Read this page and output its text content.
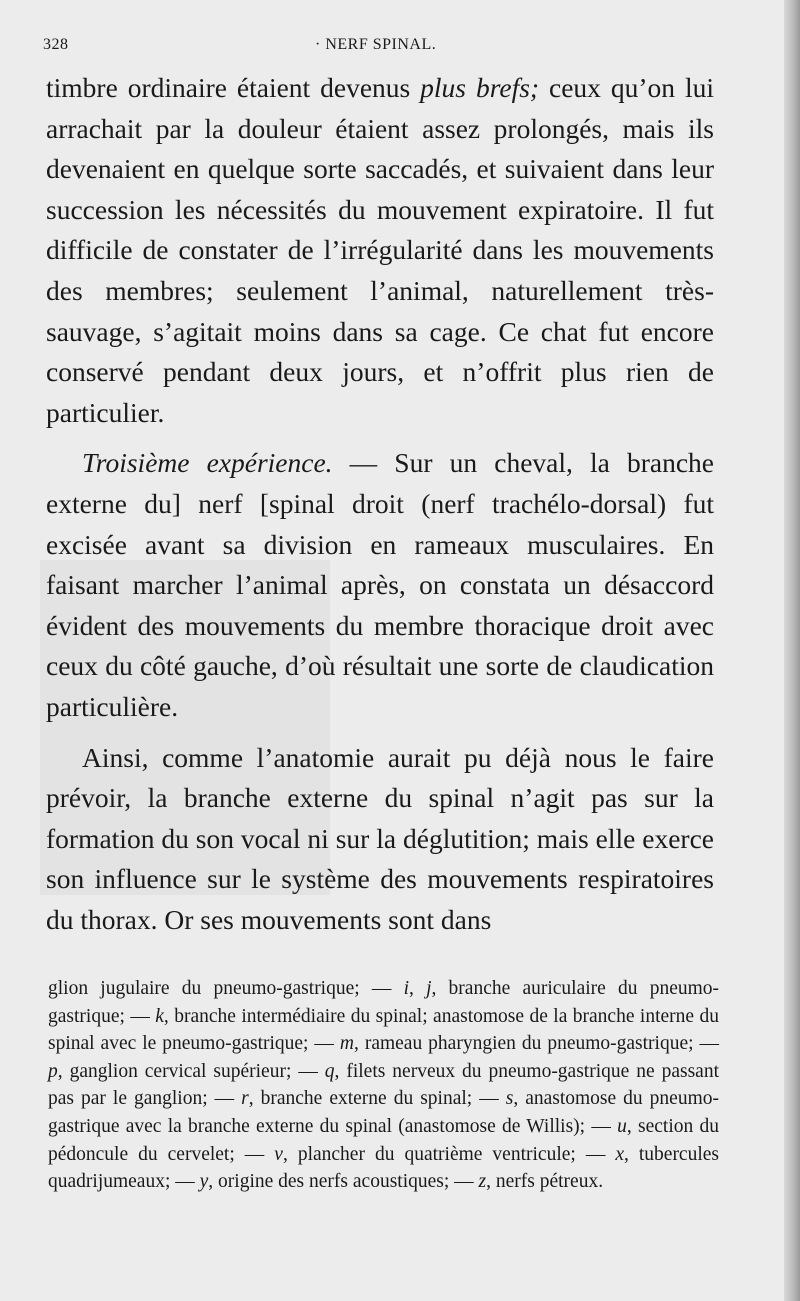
328	· NERF SPINAL.

timbre ordinaire étaient devenus plus brefs; ceux qu’on lui arrachait par la douleur étaient assez prolongés, mais ils devenaient en quelque sorte saccadés, et suivaient dans leur succession les nécessités du mouvement expiratoire. Il fut difficile de constater de l’irrégularité dans les mouvements des membres; seulement l’animal, naturellement très-sauvage, s’agitait moins dans sa cage. Ce chat fut encore conservé pendant deux jours, et n’offrit plus rien de particulier.

Troisième expérience. — Sur un cheval, la branche externe du] nerf [spinal droit (nerf trachélo-dorsal) fut excisée avant sa division en rameaux musculaires. En faisant marcher l’animal après, on constata un désaccord évident des mouvements du membre thoracique droit avec ceux du côté gauche, d’où résultait une sorte de claudication particulière.

Ainsi, comme l’anatomie aurait pu déjà nous le faire prévoir, la branche externe du spinal n’agit pas sur la formation du son vocal ni sur la déglutition; mais elle exerce son influence sur le système des mouvements respiratoires du thorax. Or ses mouvements sont dans

glion jugulaire du pneumo-gastrique; — i, j, branche auriculaire du pneumo-gastrique; — k, branche intermédiaire du spinal; anastomose de la branche interne du spinal avec le pneumo-gastrique; — m, rameau pharyngien du pneumo-gastrique; — p, ganglion cervical supérieur; — q, filets nerveux du pneumo-gastrique ne passant pas par le ganglion; — r, branche externe du spinal; — s, anastomose du pneumo-gastrique avec la branche externe du spinal (anastomose de Willis); — u, section du pédoncule du cervelet; — v, plancher du quatrième ventricule; — x, tubercules quadrijumeaux; — y, origine des nerfs acoustiques; — z, nerfs pétreux.
